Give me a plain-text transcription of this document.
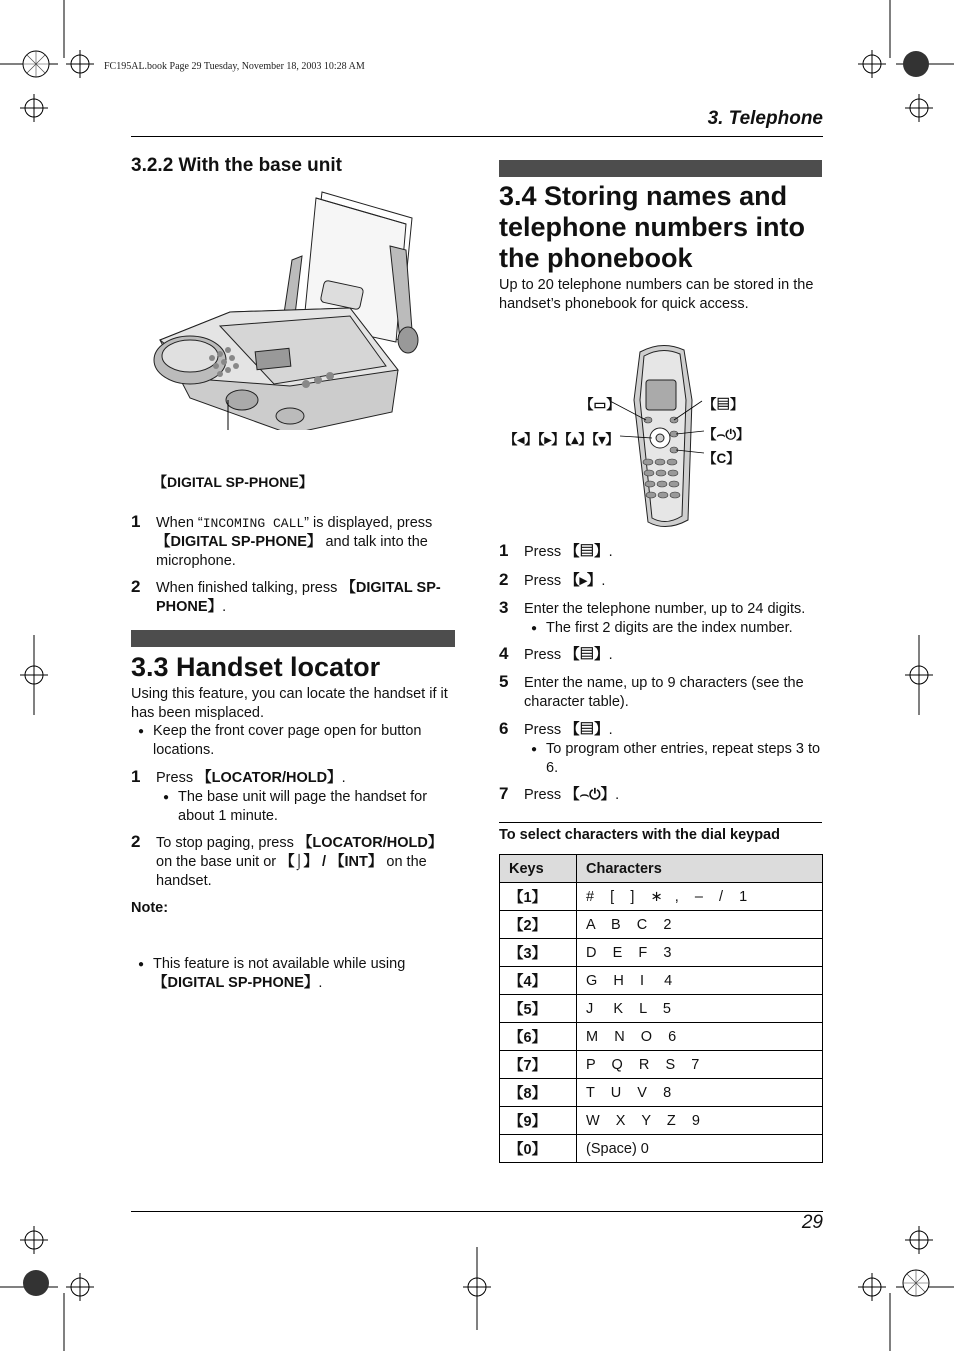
FC195AL.book Page 29 Tuesday, November 18, 2003 10:28 AM
3. Telephone
3.2.2 With the base unit
【DIGITAL SP-PHONE】
1 When “INCOMING CALL” is displayed, press 【DIGITAL SP-PHONE】 and talk into the microphone.
2 When finished talking, press 【DIGITAL SP-PHONE】.
3.3 Handset locator
Using this feature, you can locate the handset if it has been misplaced.
● Keep the front cover page open for button locations.
1 Press 【LOCATOR/HOLD】.
● The base unit will page the handset for about 1 minute.
2 To stop paging, press 【LOCATOR/HOLD】 on the base unit or 【⌡】 / 【INT】 on the handset.
Note:
● This feature is not available while using 【DIGITAL SP-PHONE】.
3.4 Storing names and
telephone numbers into
the phonebook
Up to 20 telephone numbers can be stored in the handset’s phonebook for quick access.
【▭】	【▤】
【◂】【▸】【▴】【▾】	【⌢⏻】
【C】
1 Press 【▤】.
2 Press 【▸】.
3 Enter the telephone number, up to 24 digits.
● The first 2 digits are the index number.
4 Press 【▤】.
5 Enter the name, up to 9 characters (see the character table).
6 Press 【▤】.
● To program other entries, repeat steps 3 to 6.
7 Press 【⌢⏻】.
To select characters with the dial keypad
Keys	Characters
【1】	#    [    ]    ∗   ,    –    /    1
【2】	A    B    C    2
【3】	D    E    F    3
【4】	G    H    I     4
【5】	J     K    L    5
【6】	M    N    O    6
【7】	P    Q    R    S    7
【8】	T    U    V    8
【9】	W    X    Y    Z    9
【0】	(Space) 0
29
